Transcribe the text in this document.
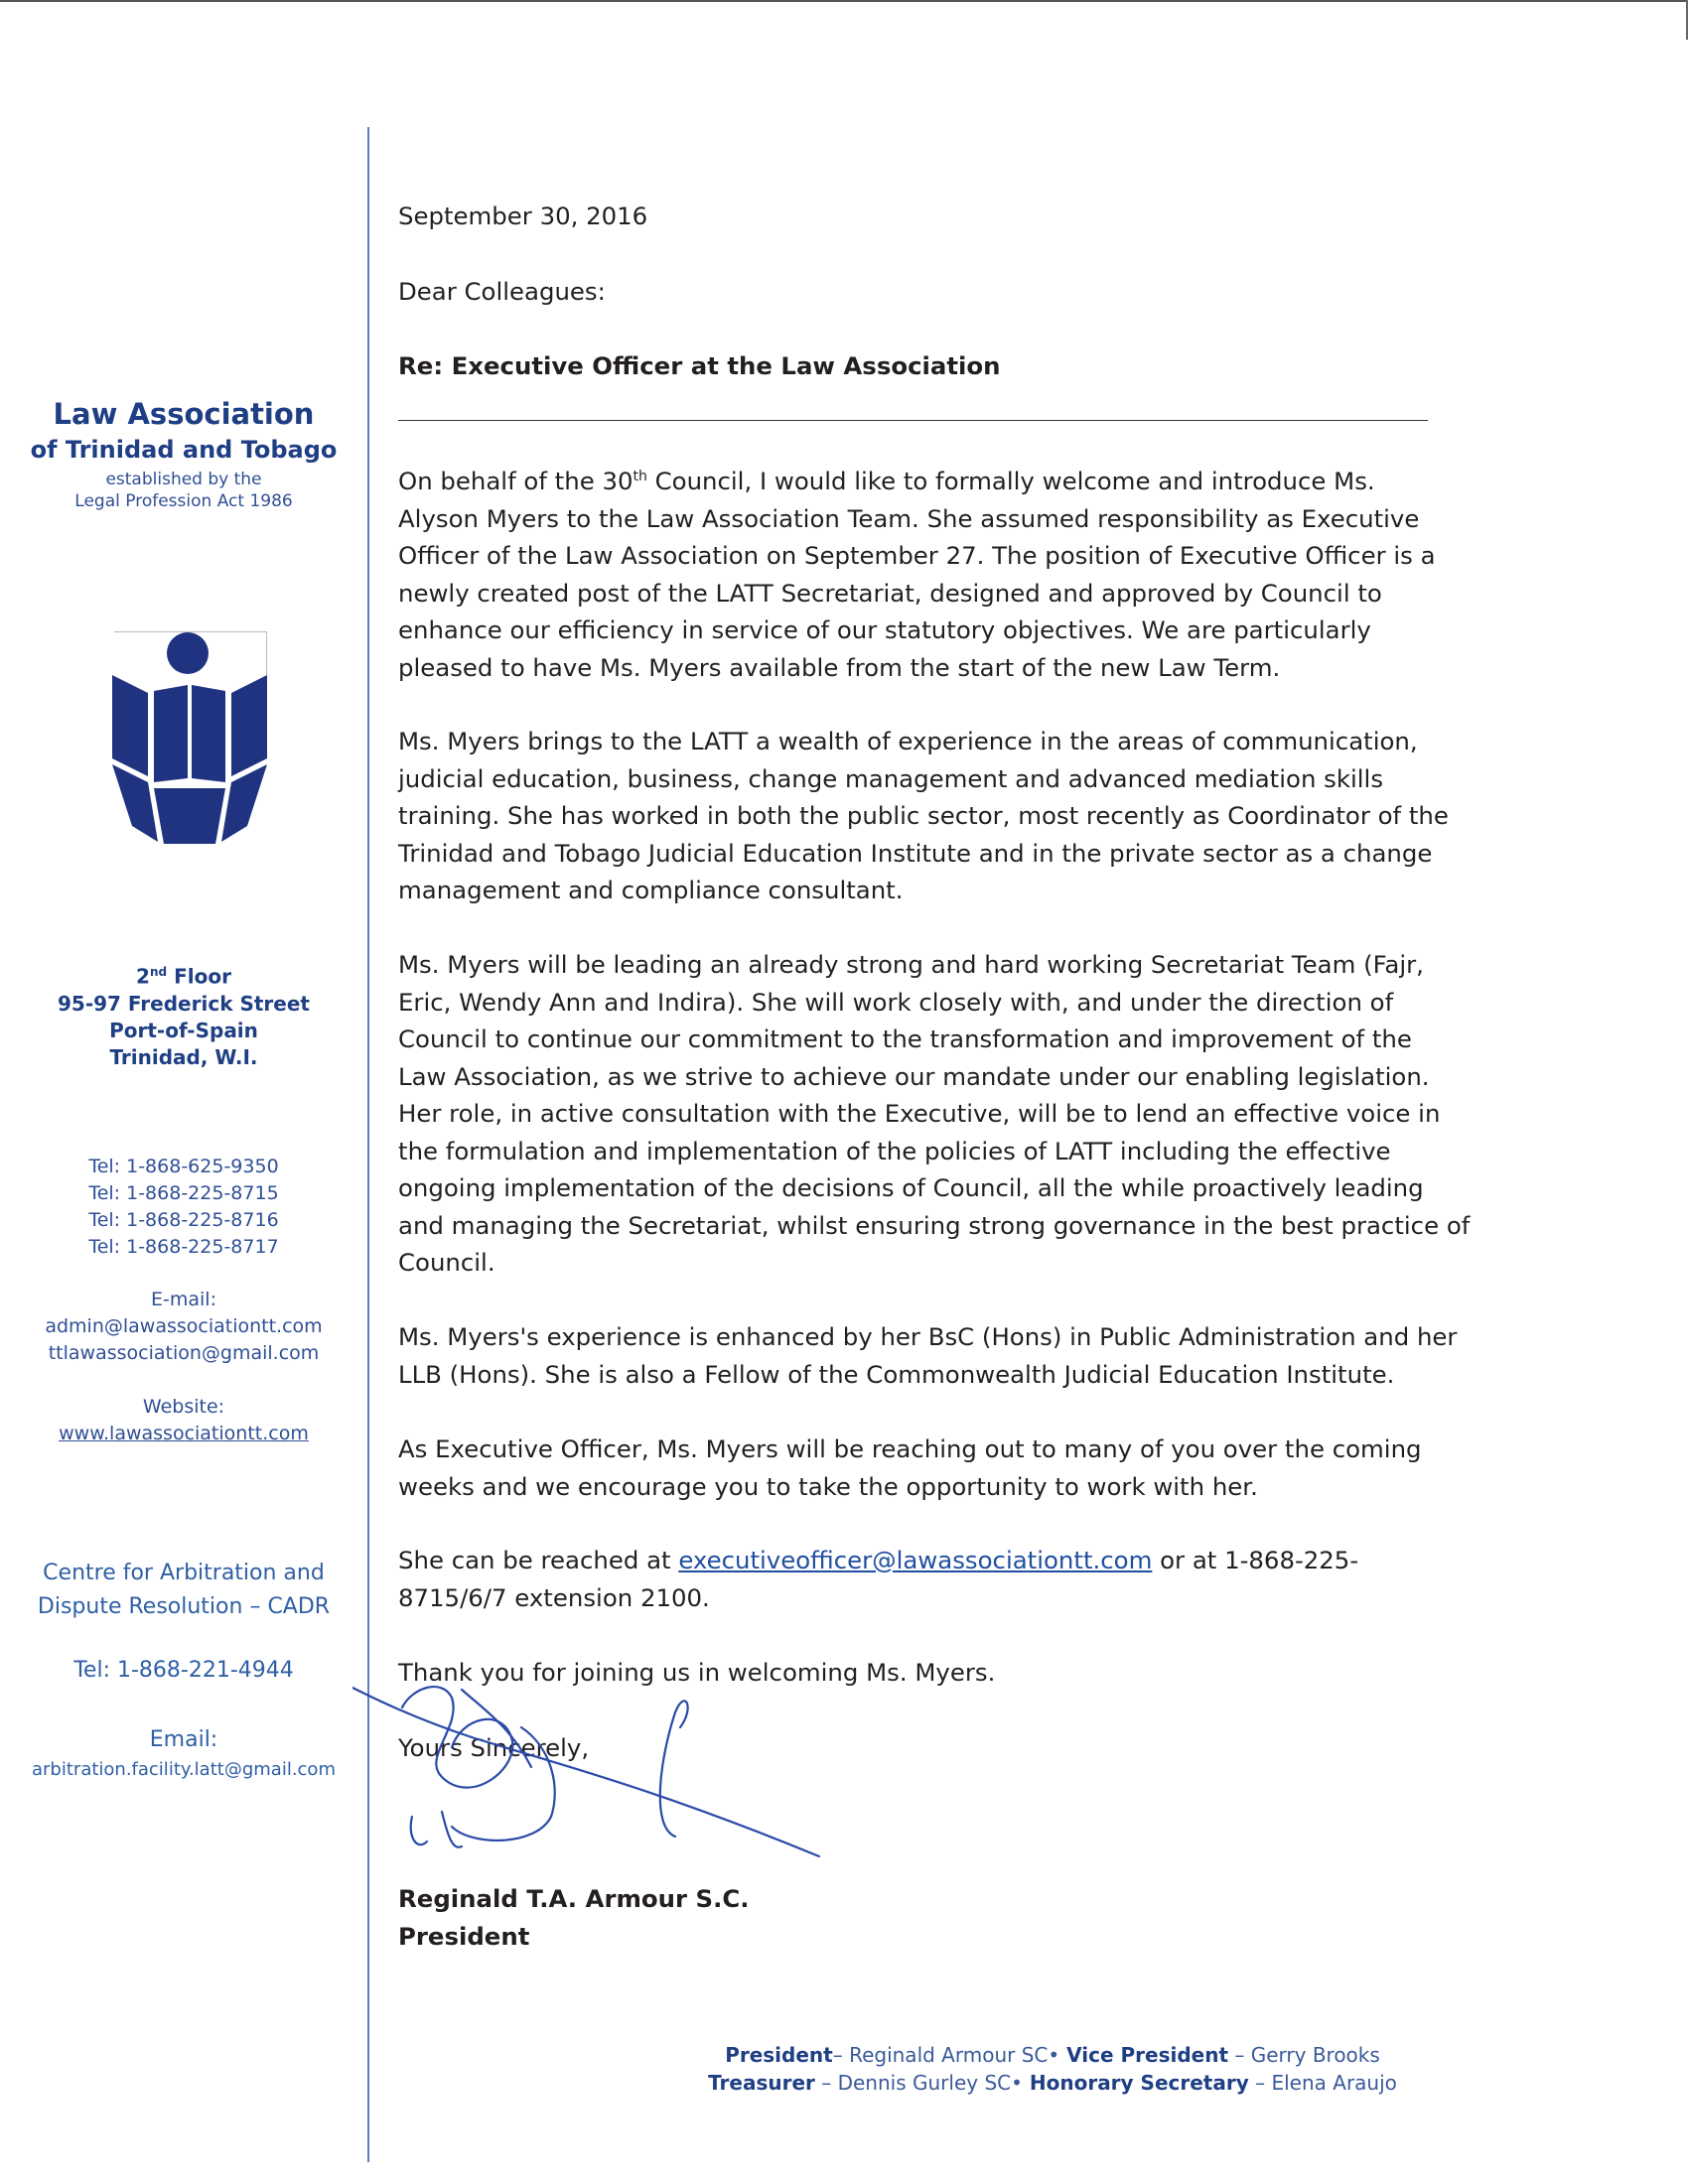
Law Association
of Trinidad and Tobago
established by the
Legal Profession Act 1986
2nd Floor
95-97 Frederick Street
Port-of-Spain
Trinidad, W.I.
Tel: 1-868-625-9350
Tel: 1-868-225-8715
Tel: 1-868-225-8716
Tel: 1-868-225-8717
E-mail:
admin@lawassociationtt.com
ttlawassociation@gmail.com
Website:
www.lawassociationtt.com
Centre for Arbitration and
Dispute Resolution – CADR
Tel: 1-868-221-4944
Email:
arbitration.facility.latt@gmail.com
September 30, 2016
Dear Colleagues:
Re: Executive Officer at the Law Association
On behalf of the 30th Council, I would like to formally welcome and introduce Ms.
Alyson Myers to the Law Association Team. She assumed responsibility as Executive
Officer of the Law Association on September 27. The position of Executive Officer is a
newly created post of the LATT Secretariat, designed and approved by Council to
enhance our efficiency in service of our statutory objectives. We are particularly
pleased to have Ms. Myers available from the start of the new Law Term.
Ms. Myers brings to the LATT a wealth of experience in the areas of communication,
judicial education, business, change management and advanced mediation skills
training. She has worked in both the public sector, most recently as Coordinator of the
Trinidad and Tobago Judicial Education Institute and in the private sector as a change
management and compliance consultant.
Ms. Myers will be leading an already strong and hard working Secretariat Team (Fajr,
Eric, Wendy Ann and Indira). She will work closely with, and under the direction of
Council to continue our commitment to the transformation and improvement of the
Law Association, as we strive to achieve our mandate under our enabling legislation.
Her role, in active consultation with the Executive, will be to lend an effective voice in
the formulation and implementation of the policies of LATT including the effective
ongoing implementation of the decisions of Council, all the while proactively leading
and managing the Secretariat, whilst ensuring strong governance in the best practice of
Council.
Ms. Myers's experience is enhanced by her BsC (Hons) in Public Administration and her
LLB (Hons). She is also a Fellow of the Commonwealth Judicial Education Institute.
As Executive Officer, Ms. Myers will be reaching out to many of you over the coming
weeks and we encourage you to take the opportunity to work with her.
She can be reached at executiveofficer@lawassociationtt.com or at 1-868-225-
8715/6/7 extension 2100.
Thank you for joining us in welcoming Ms. Myers.
Yours Sincerely,
Reginald T.A. Armour S.C.
President
President– Reginald Armour SC• Vice President – Gerry Brooks
Treasurer – Dennis Gurley SC• Honorary Secretary – Elena Araujo
